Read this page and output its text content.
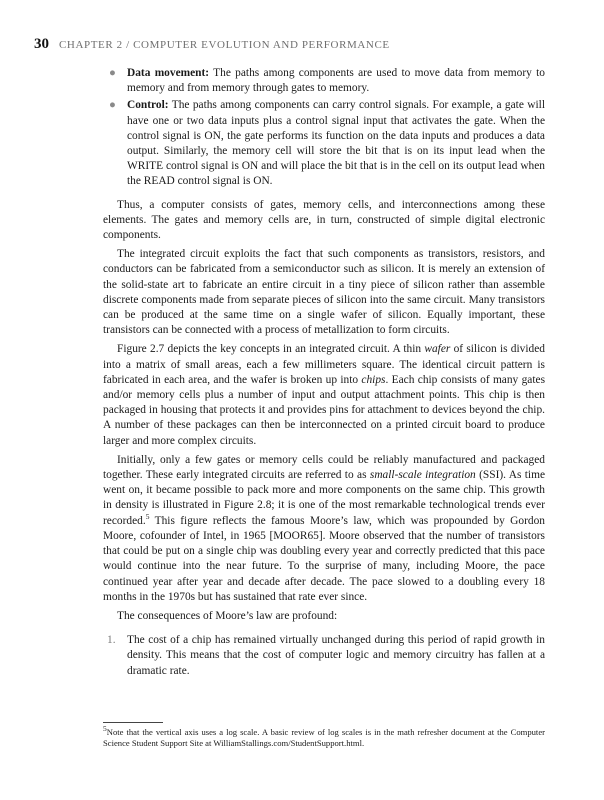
30 CHAPTER 2 / COMPUTER EVOLUTION AND PERFORMANCE
● Data movement: The paths among components are used to move data from memory to memory and from memory through gates to memory.
● Control: The paths among components can carry control signals. For example, a gate will have one or two data inputs plus a control signal input that activates the gate. When the control signal is ON, the gate performs its function on the data inputs and produces a data output. Similarly, the memory cell will store the bit that is on its input lead when the WRITE control signal is ON and will place the bit that is in the cell on its output lead when the READ control signal is ON.

Thus, a computer consists of gates, memory cells, and interconnections among these elements. The gates and memory cells are, in turn, constructed of simple digital electronic components.

The integrated circuit exploits the fact that such components as transistors, resistors, and conductors can be fabricated from a semiconductor such as silicon. It is merely an extension of the solid-state art to fabricate an entire circuit in a tiny piece of silicon rather than assemble discrete components made from separate pieces of silicon into the same circuit. Many transistors can be produced at the same time on a single wafer of silicon. Equally important, these transistors can be connected with a process of metallization to form circuits.

Figure 2.7 depicts the key concepts in an integrated circuit. A thin wafer of silicon is divided into a matrix of small areas, each a few millimeters square. The identical circuit pattern is fabricated in each area, and the wafer is broken up into chips. Each chip consists of many gates and/or memory cells plus a number of input and output attachment points. This chip is then packaged in housing that protects it and provides pins for attachment to devices beyond the chip. A number of these packages can then be interconnected on a printed circuit board to produce larger and more complex circuits.

Initially, only a few gates or memory cells could be reliably manufactured and packaged together. These early integrated circuits are referred to as small-scale integration (SSI). As time went on, it became possible to pack more and more components on the same chip. This growth in density is illustrated in Figure 2.8; it is one of the most remarkable technological trends ever recorded.$^5$ This figure reflects the famous Moore’s law, which was propounded by Gordon Moore, cofounder of Intel, in 1965 [MOOR65]. Moore observed that the number of transistors that could be put on a single chip was doubling every year and correctly predicted that this pace would continue into the near future. To the surprise of many, including Moore, the pace continued year after year and decade after decade. The pace slowed to a doubling every 18 months in the 1970s but has sustained that rate ever since.

The consequences of Moore’s law are profound:

1. The cost of a chip has remained virtually unchanged during this period of rapid growth in density. This means that the cost of computer logic and memory circuitry has fallen at a dramatic rate.
$^5$Note that the vertical axis uses a log scale. A basic review of log scales is in the math refresher document at the Computer Science Student Support Site at WilliamStallings.com/StudentSupport.html.
